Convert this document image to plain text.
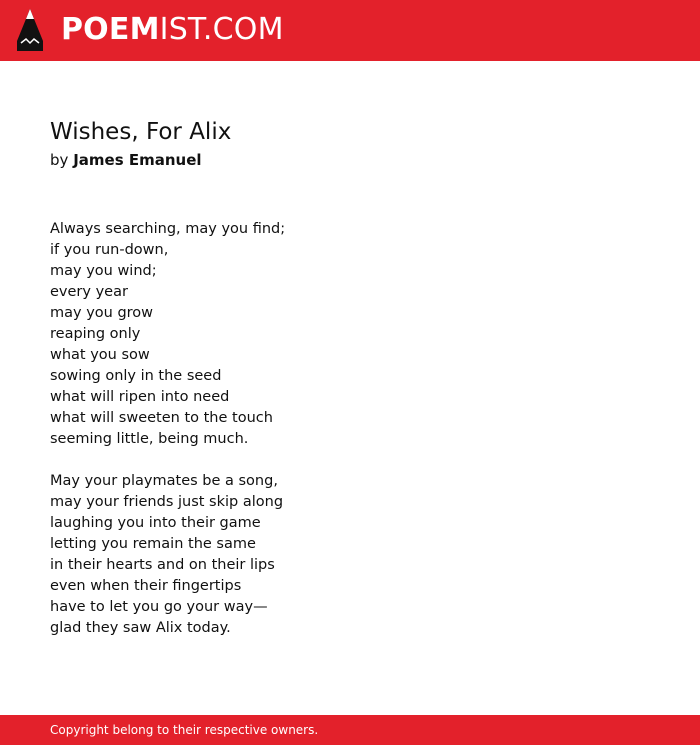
POEMIST.COM
Wishes, For Alix
by James Emanuel
Always searching, may you find;
if you run-down,
may you wind;
every year
may you grow
reaping only
what you sow
sowing only in the seed
what will ripen into need
what will sweeten to the touch
seeming little, being much.
May your playmates be a song,
may your friends just skip along
laughing you into their game
letting you remain the same
in their hearts and on their lips
even when their fingertips
have to let you go your way—
glad they saw Alix today.
Copyright belong to their respective owners.
